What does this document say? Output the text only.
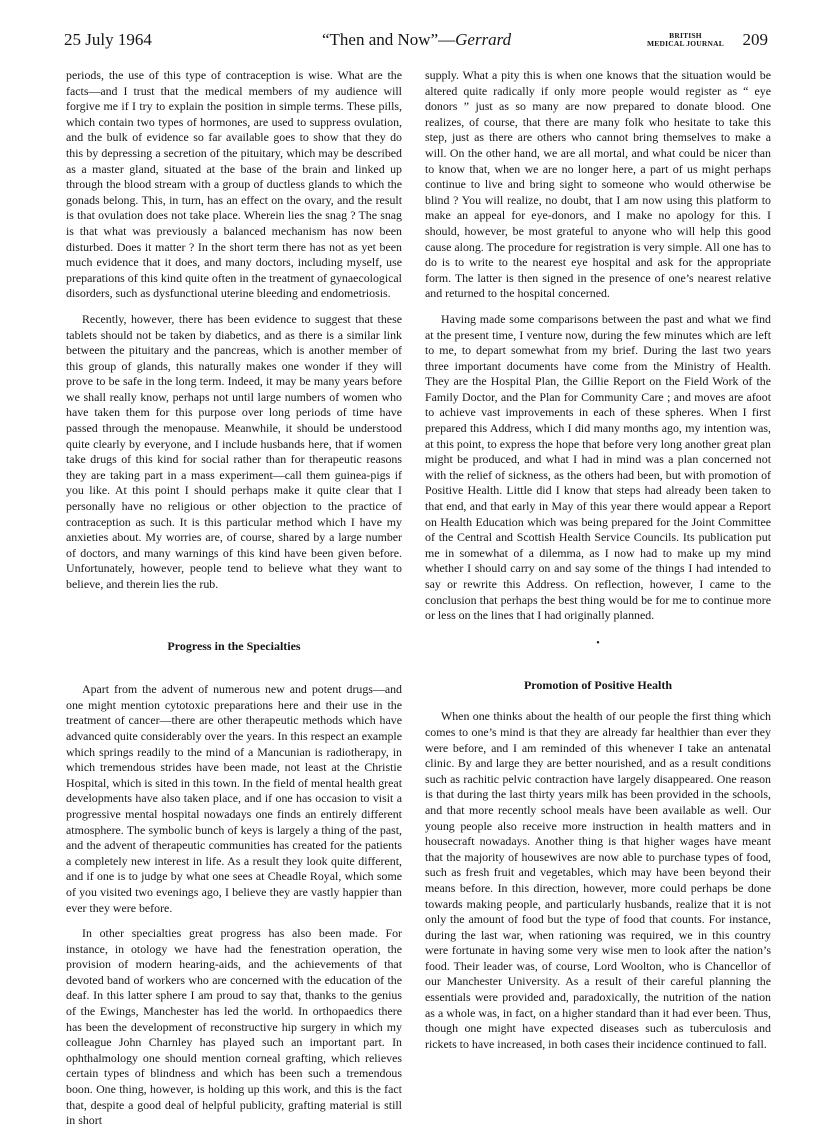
25 July 1964	“Then and Now”—Gerrard	BRITISH
MEDICAL JOURNAL 209

periods, the use of this type of contraception is wise. What are the facts—and I trust that the medical members of my audience will forgive me if I try to explain the position in simple terms. These pills, which contain two types of hormones, are used to suppress ovulation, and the bulk of evidence so far available goes to show that they do this by depressing a secretion of the pituitary, which may be described as a master gland, situated at the base of the brain and linked up through the blood stream with a group of ductless glands to which the gonads belong. This, in turn, has an effect on the ovary, and the result is that ovulation does not take place. Wherein lies the snag ? The snag is that what was previously a balanced mechanism has now been disturbed. Does it matter ? In the short term there has not as yet been much evidence that it does, and many doctors, including myself, use preparations of this kind quite often in the treatment of gynaecological disorders, such as dysfunctional uterine bleeding and endometriosis.

Recently, however, there has been evidence to suggest that these tablets should not be taken by diabetics, and as there is a similar link between the pituitary and the pancreas, which is another member of this group of glands, this naturally makes one wonder if they will prove to be safe in the long term. Indeed, it may be many years before we shall really know, perhaps not until large numbers of women who have taken them for this purpose over long periods of time have passed through the menopause. Meanwhile, it should be understood quite clearly by everyone, and I include husbands here, that if women take drugs of this kind for social rather than for therapeutic reasons they are taking part in a mass experiment—call them guinea-pigs if you like. At this point I should perhaps make it quite clear that I personally have no religious or other objection to the practice of contraception as such. It is this particular method which I have my anxieties about. My worries are, of course, shared by a large number of doctors, and many warnings of this kind have been given before. Unfortunately, however, people tend to believe what they want to believe, and therein lies the rub.

Progress in the Specialties

Apart from the advent of numerous new and potent drugs—and one might mention cytotoxic preparations here and their use in the treatment of cancer—there are other therapeutic methods which have advanced quite considerably over the years. In this respect an example which springs readily to the mind of a Mancunian is radiotherapy, in which tremendous strides have been made, not least at the Christie Hospital, which is sited in this town. In the field of mental health great developments have also taken place, and if one has occasion to visit a progressive mental hospital nowadays one finds an entirely different atmosphere. The symbolic bunch of keys is largely a thing of the past, and the advent of therapeutic communities has created for the patients a completely new interest in life. As a result they look quite different, and if one is to judge by what one sees at Cheadle Royal, which some of you visited two evenings ago, I believe they are vastly happier than ever they were before.

In other specialties great progress has also been made. For instance, in otology we have had the fenestration operation, the provision of modern hearing-aids, and the achievements of that devoted band of workers who are concerned with the education of the deaf. In this latter sphere I am proud to say that, thanks to the genius of the Ewings, Manchester has led the world. In orthopaedics there has been the development of reconstructive hip surgery in which my colleague John Charnley has played such an important part. In ophthalmology one should mention corneal grafting, which relieves certain types of blindness and which has been such a tremendous boon. One thing, however, is holding up this work, and this is the fact that, despite a good deal of helpful publicity, grafting material is still in short

supply. What a pity this is when one knows that the situation would be altered quite radically if only more people would register as “ eye donors ” just as so many are now prepared to donate blood. One realizes, of course, that there are many folk who hesitate to take this step, just as there are others who cannot bring themselves to make a will. On the other hand, we are all mortal, and what could be nicer than to know that, when we are no longer here, a part of us might perhaps continue to live and bring sight to someone who would otherwise be blind ? You will realize, no doubt, that I am now using this platform to make an appeal for eye-donors, and I make no apology for this. I should, however, be most grateful to anyone who will help this good cause along. The procedure for registration is very simple. All one has to do is to write to the nearest eye hospital and ask for the appropriate form. The latter is then signed in the presence of one’s nearest relative and returned to the hospital concerned.

Having made some comparisons between the past and what we find at the present time, I venture now, during the few minutes which are left to me, to depart somewhat from my brief. During the last two years three important documents have come from the Ministry of Health. They are the Hospital Plan, the Gillie Report on the Field Work of the Family Doctor, and the Plan for Community Care ; and moves are afoot to achieve vast improvements in each of these spheres. When I first prepared this Address, which I did many months ago, my intention was, at this point, to express the hope that before very long another great plan might be produced, and what I had in mind was a plan concerned not with the relief of sickness, as the others had been, but with promotion of Positive Health. Little did I know that steps had already been taken to that end, and that early in May of this year there would appear a Report on Health Education which was being prepared for the Joint Committee of the Central and Scottish Health Service Councils. Its publication put me in somewhat of a dilemma, as I now had to make up my mind whether I should carry on and say some of the things I had intended to say or rewrite this Address. On reflection, however, I came to the conclusion that perhaps the best thing would be for me to continue more or less on the lines that I had originally planned.

•
Promotion of Positive Health

When one thinks about the health of our people the first thing which comes to one’s mind is that they are already far healthier than ever they were before, and I am reminded of this whenever I take an antenatal clinic. By and large they are better nourished, and as a result conditions such as rachitic pelvic contraction have largely disappeared. One reason is that during the last thirty years milk has been provided in the schools, and that more recently school meals have been available as well. Our young people also receive more instruction in health matters and in housecraft nowadays. Another thing is that higher wages have meant that the majority of housewives are now able to purchase types of food, such as fresh fruit and vegetables, which may have been beyond their means before. In this direction, however, more could perhaps be done towards making people, and particularly husbands, realize that it is not only the amount of food but the type of food that counts. For instance, during the last war, when rationing was required, we in this country were fortunate in having some very wise men to look after the nation’s food. Their leader was, of course, Lord Woolton, who is Chancellor of our Manchester University. As a result of their careful planning the essentials were provided and, paradoxically, the nutrition of the nation as a whole was, in fact, on a higher standard than it had ever been. Thus, though one might have expected diseases such as tuberculosis and rickets to have increased, in both cases their incidence continued to fall.
